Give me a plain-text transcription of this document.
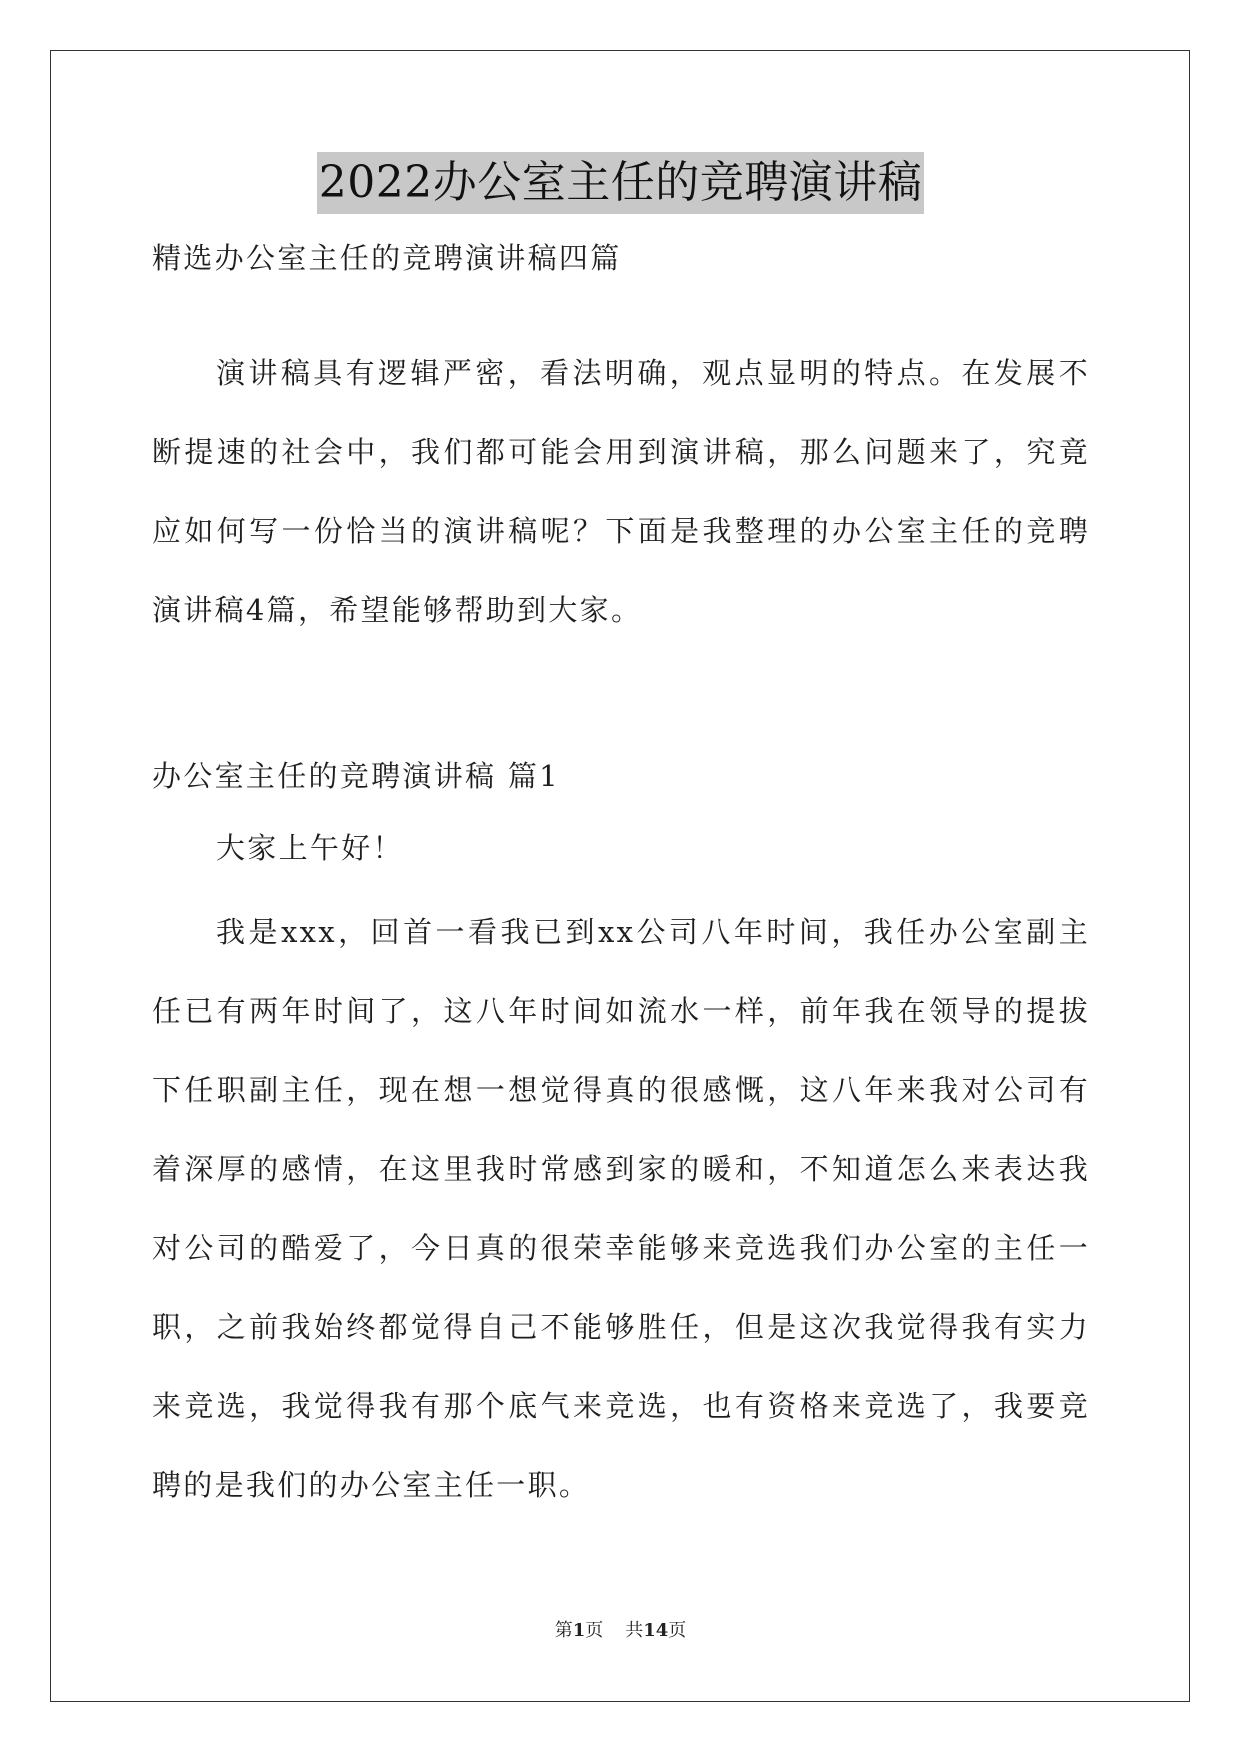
2022办公室主任的竞聘演讲稿
精选办公室主任的竞聘演讲稿四篇

演讲稿具有逻辑严密，看法明确，观点显明的特点。在发展不断提速的社会中，我们都可能会用到演讲稿，那么问题来了，究竟应如何写一份恰当的演讲稿呢？下面是我整理的办公室主任的竞聘演讲稿4篇，希望能够帮助到大家。

办公室主任的竞聘演讲稿 篇1
大家上午好！

我是xxx，回首一看我已到xx公司八年时间，我任办公室副主任已有两年时间了，这八年时间如流水一样，前年我在领导的提拔下任职副主任，现在想一想觉得真的很感慨，这八年来我对公司有着深厚的感情，在这里我时常感到家的暖和，不知道怎么来表达我对公司的酷爱了，今日真的很荣幸能够来竞选我们办公室的主任一职，之前我始终都觉得自己不能够胜任，但是这次我觉得我有实力来竞选，我觉得我有那个底气来竞选，也有资格来竞选了，我要竞聘的是我们的办公室主任一职。

第1页 共14页
